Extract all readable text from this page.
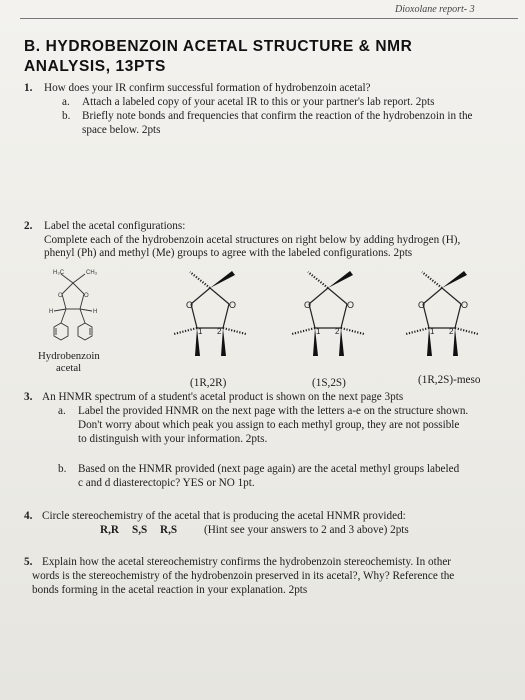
Dioxolane report- 3
B. HYDROBENZOIN ACETAL STRUCTURE & NMR
ANALYSIS, 13PTS
1. How does your IR confirm successful formation of hydrobenzoin acetal?
a. Attach a labeled copy of your acetal IR to this or your partner's lab report. 2pts
b. Briefly note bonds and frequencies that confirm the reaction of the hydrobenzoin in the
space below. 2pts
2. Label the acetal configurations:
Complete each of the hydrobenzoin acetal structures on right below by adding hydrogen (H),
phenyl (Ph) and methyl (Me) groups to agree with the labeled configurations. 2pts
H₃C	CH₃
O	O
H	H
Hydrobenzoin
acetal
O	O
1 2
O	O
1 2
O	O
1 2
(1R,2R)	(1S,2S)	(1R,2S)-meso
3. An HNMR spectrum of a student's acetal product is shown on the next page 3pts
a. Label the provided HNMR on the next page with the letters a-e on the structure shown.
Don't worry about which peak you assign to each methyl group, they are not possible
to distinguish with your information. 2pts.
b. Based on the HNMR provided (next page again) are the acetal methyl groups labeled
c and d diasterectopic? YES or NO 1pt.
4. Circle stereochemistry of the acetal that is producing the acetal HNMR provided:
R,R S,S R,S (Hint see your answers to 2 and 3 above) 2pts
5. Explain how the acetal stereochemistry confirms the hydrobenzoin stereochemisty. In other
words is the stereochemistry of the hydrobenzoin preserved in its acetal?, Why? Reference the
bonds forming in the acetal reaction in your explanation. 2pts
